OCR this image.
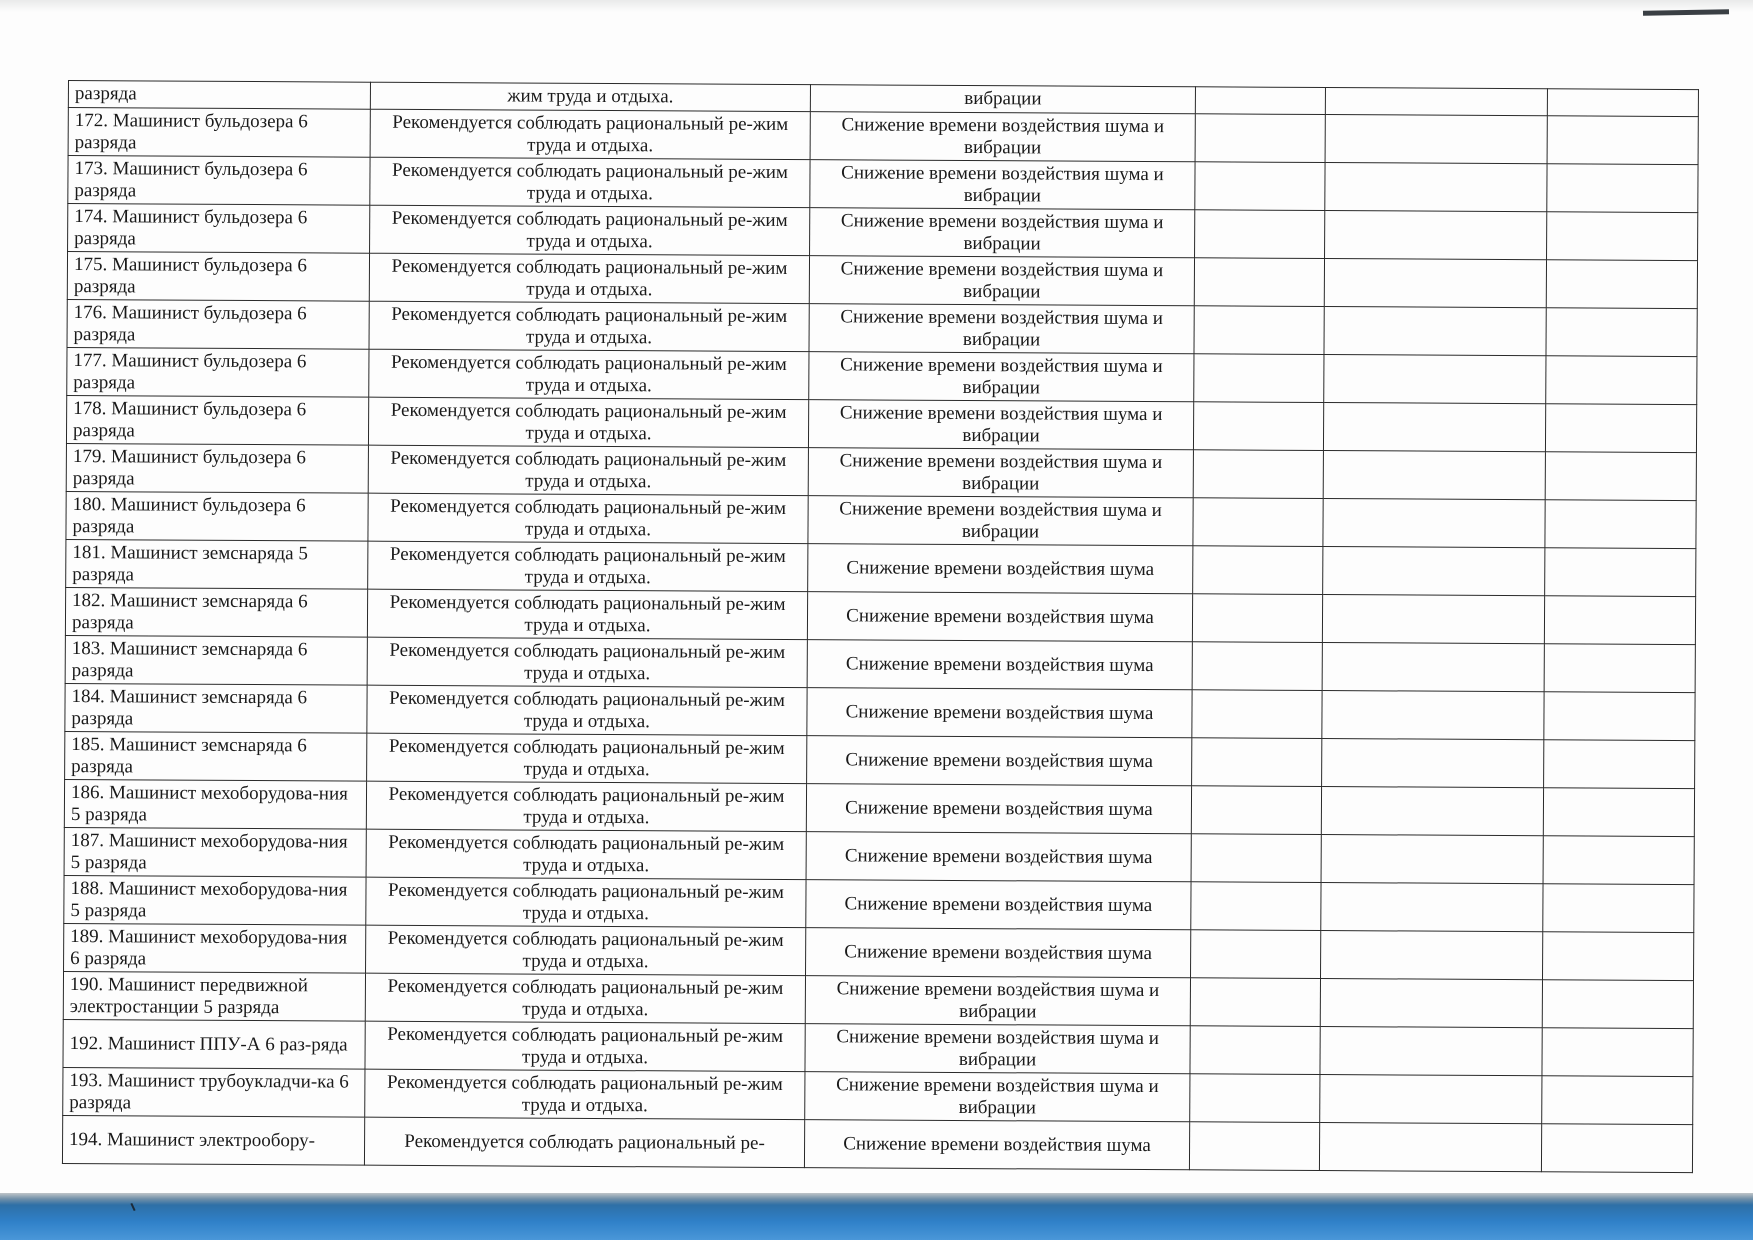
разряда	жим труда и отдыха.	вибрации			
172. Машинист бульдозера 6 разряда	Рекомендуется соблюдать рациональный ре-жим труда и отдыха.	Снижение времени воздействия шума и вибрации			
173. Машинист бульдозера 6 разряда	Рекомендуется соблюдать рациональный ре-жим труда и отдыха.	Снижение времени воздействия шума и вибрации			
174. Машинист бульдозера 6 разряда	Рекомендуется соблюдать рациональный ре-жим труда и отдыха.	Снижение времени воздействия шума и вибрации			
175. Машинист бульдозера 6 разряда	Рекомендуется соблюдать рациональный ре-жим труда и отдыха.	Снижение времени воздействия шума и вибрации			
176. Машинист бульдозера 6 разряда	Рекомендуется соблюдать рациональный ре-жим труда и отдыха.	Снижение времени воздействия шума и вибрации			
177. Машинист бульдозера 6 разряда	Рекомендуется соблюдать рациональный ре-жим труда и отдыха.	Снижение времени воздействия шума и вибрации			
178. Машинист бульдозера 6 разряда	Рекомендуется соблюдать рациональный ре-жим труда и отдыха.	Снижение времени воздействия шума и вибрации			
179. Машинист бульдозера 6 разряда	Рекомендуется соблюдать рациональный ре-жим труда и отдыха.	Снижение времени воздействия шума и вибрации			
180. Машинист бульдозера 6 разряда	Рекомендуется соблюдать рациональный ре-жим труда и отдыха.	Снижение времени воздействия шума и вибрации			
181. Машинист земснаряда 5 разряда	Рекомендуется соблюдать рациональный ре-жим труда и отдыха.	Снижение времени воздействия шума			
182. Машинист земснаряда 6 разряда	Рекомендуется соблюдать рациональный ре-жим труда и отдыха.	Снижение времени воздействия шума			
183. Машинист земснаряда 6 разряда	Рекомендуется соблюдать рациональный ре-жим труда и отдыха.	Снижение времени воздействия шума			
184. Машинист земснаряда 6 разряда	Рекомендуется соблюдать рациональный ре-жим труда и отдыха.	Снижение времени воздействия шума			
185. Машинист земснаряда 6 разряда	Рекомендуется соблюдать рациональный ре-жим труда и отдыха.	Снижение времени воздействия шума			
186. Машинист мехоборудова-ния 5 разряда	Рекомендуется соблюдать рациональный ре-жим труда и отдыха.	Снижение времени воздействия шума			
187. Машинист мехоборудова-ния 5 разряда	Рекомендуется соблюдать рациональный ре-жим труда и отдыха.	Снижение времени воздействия шума			
188. Машинист мехоборудова-ния 5 разряда	Рекомендуется соблюдать рациональный ре-жим труда и отдыха.	Снижение времени воздействия шума			
189. Машинист мехоборудова-ния 6 разряда	Рекомендуется соблюдать рациональный ре-жим труда и отдыха.	Снижение времени воздействия шума			
190. Машинист передвижной электростанции 5 разряда	Рекомендуется соблюдать рациональный ре-жим труда и отдыха.	Снижение времени воздействия шума и вибрации			
192. Машинист ППУ-А 6 раз-ряда	Рекомендуется соблюдать рациональный ре-жим труда и отдыха.	Снижение времени воздействия шума и вибрации			
193. Машинист трубоукладчи-ка 6 разряда	Рекомендуется соблюдать рациональный ре-жим труда и отдыха.	Снижение времени воздействия шума и вибрации			
194. Машинист электрообору-	Рекомендуется соблюдать рациональный ре-	Снижение времени воздействия шума			
